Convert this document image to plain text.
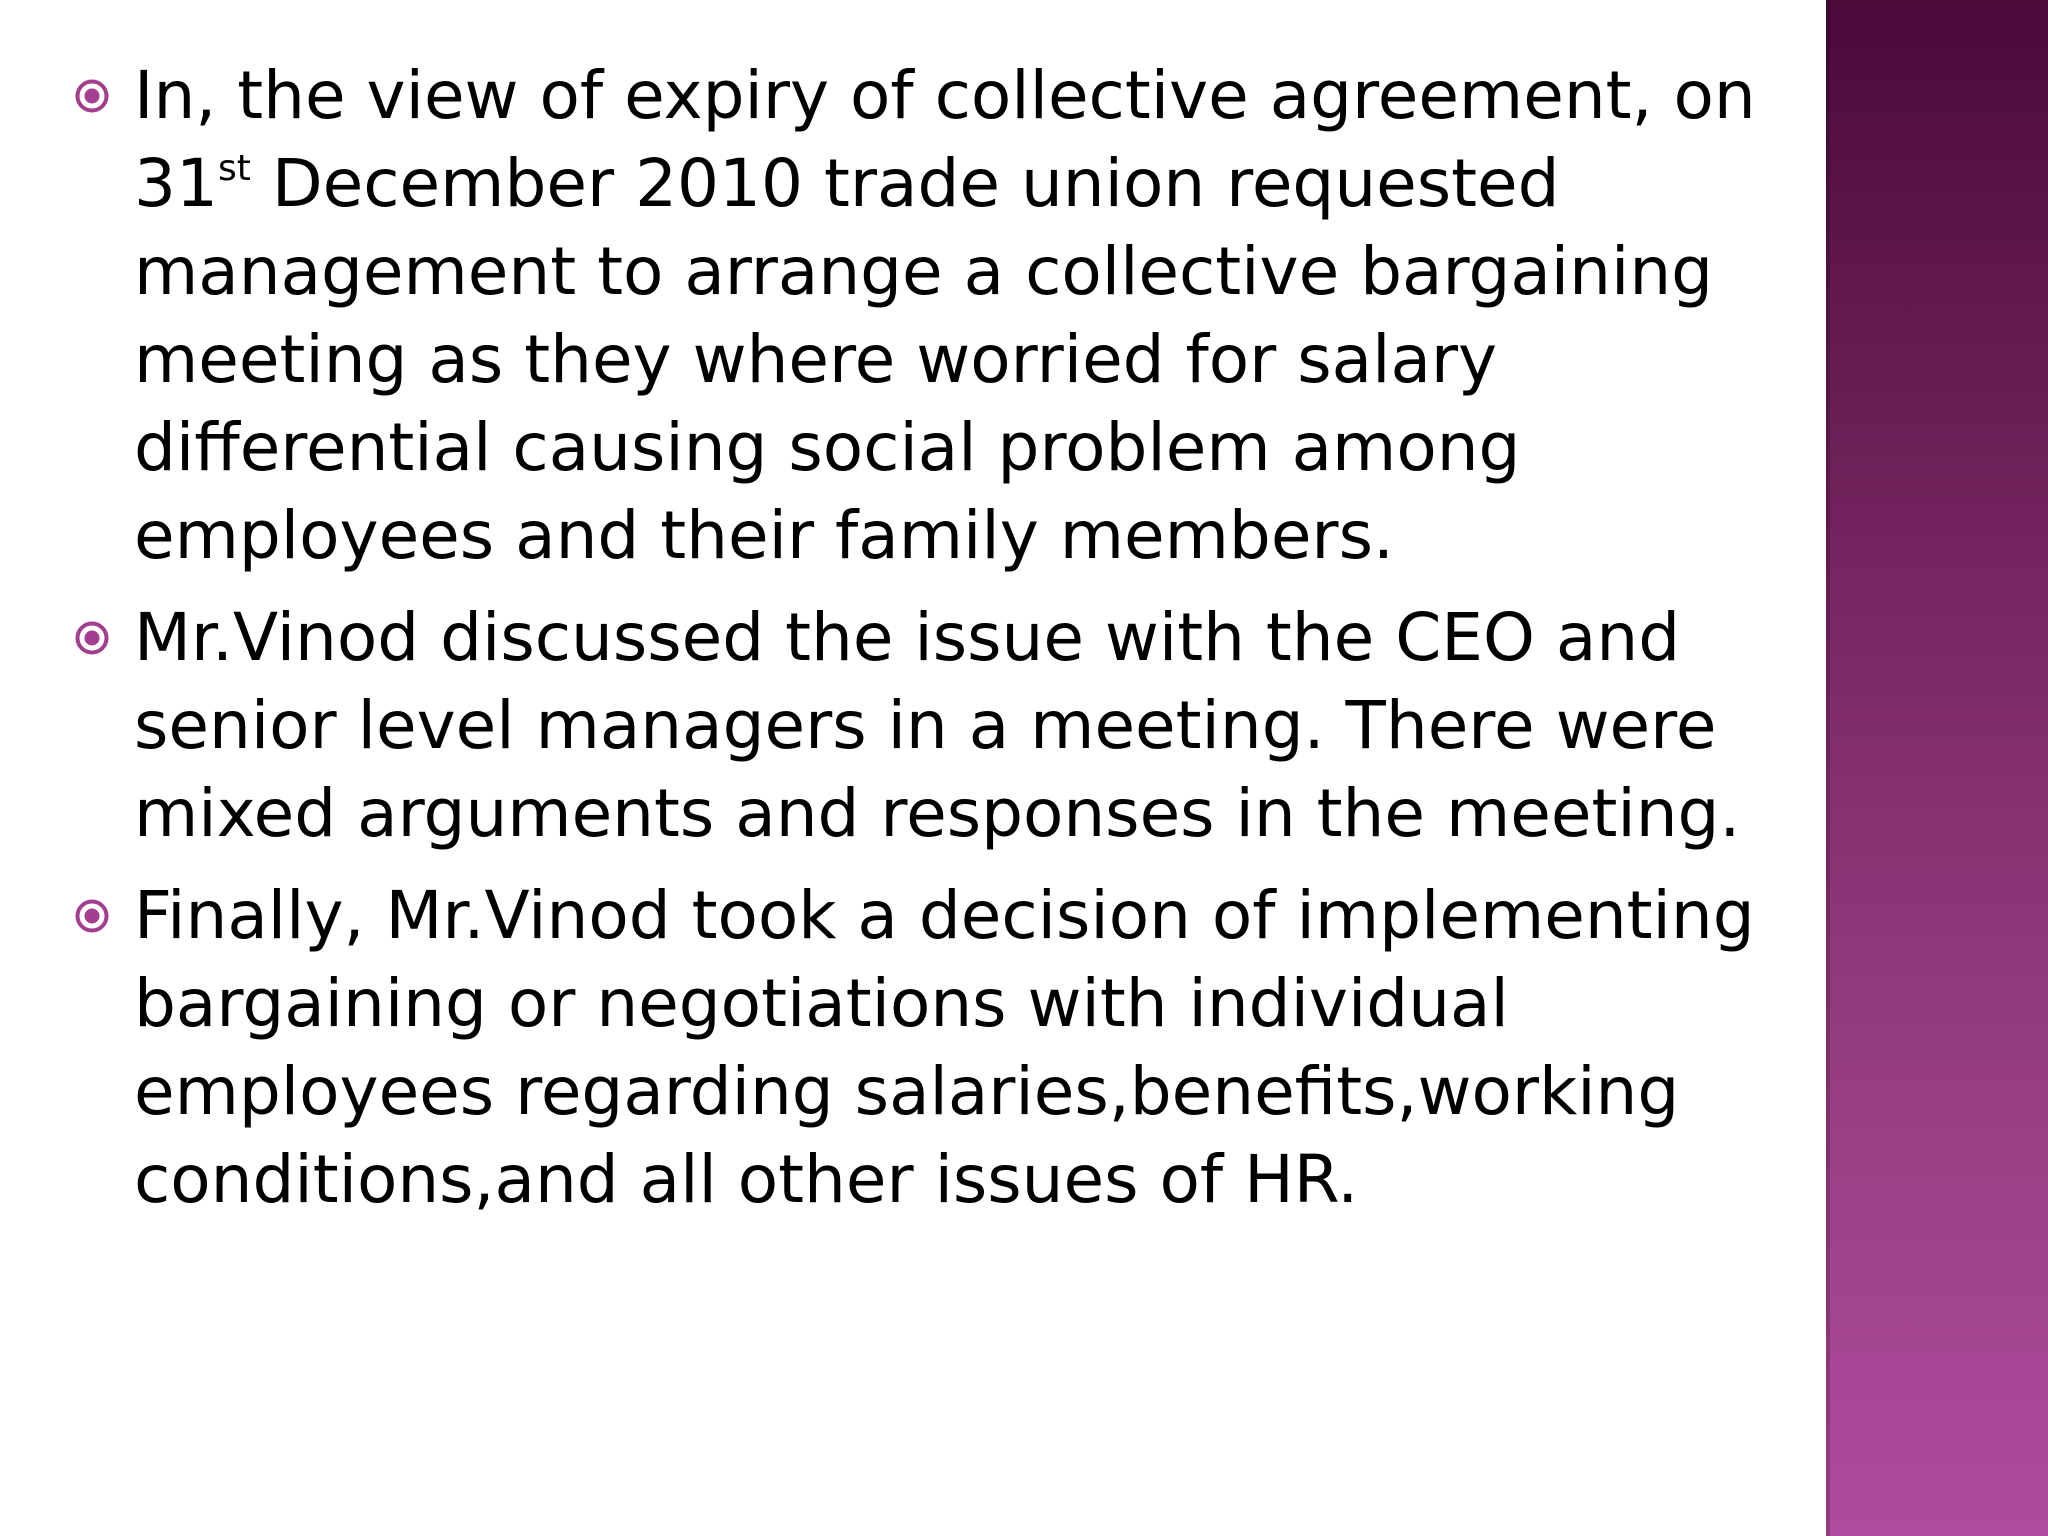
In, the view of expiry of collective agreement, on 31st December 2010 trade union requested management to arrange a collective bargaining meeting as they where worried for salary differential causing social problem among employees and their family members.
Mr.Vinod discussed the issue with the CEO and senior level managers in a meeting. There were mixed arguments and responses in the meeting.
Finally, Mr.Vinod took a decision of implementing bargaining or negotiations with individual employees regarding salaries,benefits,working conditions,and all other issues of HR.
